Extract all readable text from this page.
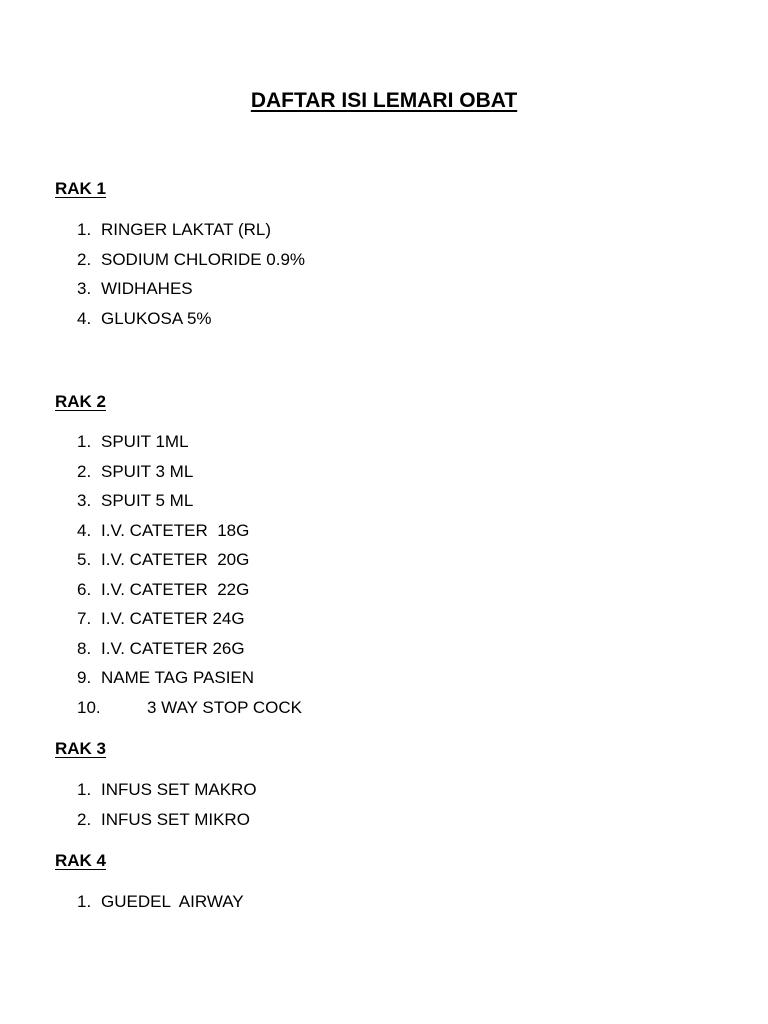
DAFTAR ISI LEMARI OBAT
RAK 1
1. RINGER LAKTAT (RL)
2. SODIUM CHLORIDE 0.9%
3. WIDHAHES
4. GLUKOSA 5%
RAK 2
1. SPUIT 1ML
2. SPUIT 3 ML
3. SPUIT 5 ML
4. I.V. CATETER  18G
5. I.V. CATETER  20G
6. I.V. CATETER  22G
7. I.V. CATETER 24G
8. I.V. CATETER 26G
9. NAME TAG PASIEN
10.	3 WAY STOP COCK
RAK 3
1. INFUS SET MAKRO
2. INFUS SET MIKRO
RAK 4
1. GUEDEL  AIRWAY
